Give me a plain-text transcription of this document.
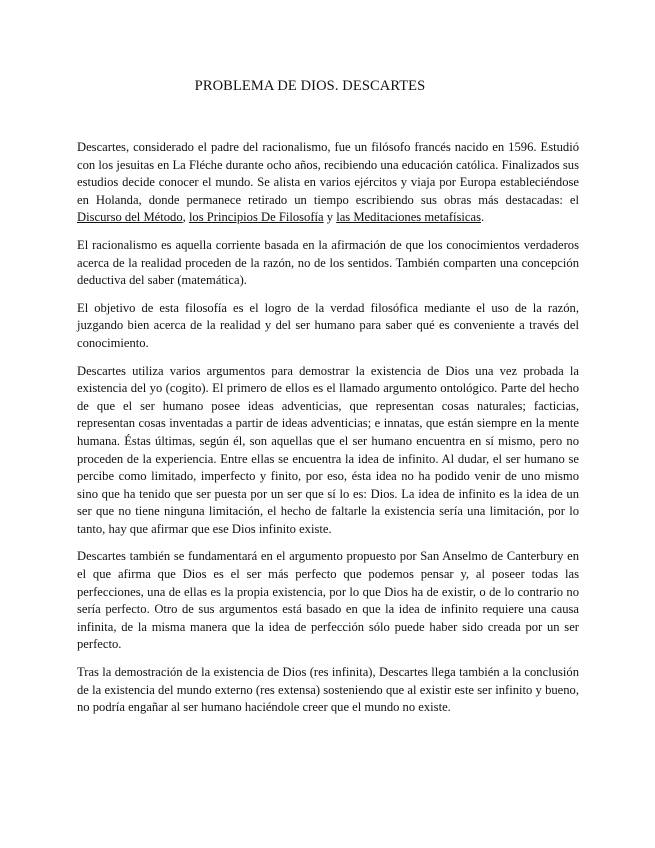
PROBLEMA DE DIOS. DESCARTES

Descartes, considerado el padre del racionalismo, fue un filósofo francés nacido en 1596. Estudió con los jesuitas en La Fléche durante ocho años, recibiendo una educación católica. Finalizados sus estudios decide conocer el mundo. Se alista en varios ejércitos y viaja por Europa estableciéndose en Holanda, donde permanece retirado un tiempo escribiendo sus obras más destacadas: el Discurso del Método, los Principios De Filosofía y las Meditaciones metafísicas.

El racionalismo es aquella corriente basada en la afirmación de que los conocimientos verdaderos acerca de la realidad proceden de la razón, no de los sentidos. También comparten una concepción deductiva del saber (matemática).

El objetivo de esta filosofía es el logro de la verdad filosófica mediante el uso de la razón, juzgando bien acerca de la realidad y del ser humano para saber qué es conveniente a través del conocimiento.

Descartes utiliza varios argumentos para demostrar la existencia de Dios una vez probada la existencia del yo (cogito). El primero de ellos es el llamado argumento ontológico. Parte del hecho de que el ser humano posee ideas adventicias, que representan cosas naturales; facticias, representan cosas inventadas a partir de ideas adventicias; e innatas, que están siempre en la mente humana. Éstas últimas, según él, son aquellas que el ser humano encuentra en sí mismo, pero no proceden de la experiencia. Entre ellas se encuentra la idea de infinito. Al dudar, el ser humano se percibe como limitado, imperfecto y finito, por eso, ésta idea no ha podido venir de uno mismo sino que ha tenido que ser puesta por un ser que sí lo es: Dios. La idea de infinito es la idea de un ser que no tiene ninguna limitación, el hecho de faltarle la existencia sería una limitación, por lo tanto, hay que afirmar que ese Dios infinito existe.

Descartes también se fundamentará en el argumento propuesto por San Anselmo de Canterbury en el que afirma que Dios es el ser más perfecto que podemos pensar y, al poseer todas las perfecciones, una de ellas es la propia existencia, por lo que Dios ha de existir, o de lo contrario no sería perfecto. Otro de sus argumentos está basado en que la idea de infinito requiere una causa infinita, de la misma manera que la idea de perfección sólo puede haber sido creada por un ser perfecto.

Tras la demostración de la existencia de Dios (res infinita), Descartes llega también a la conclusión de la existencia del mundo externo (res extensa) sosteniendo que al existir este ser infinito y bueno, no podría engañar al ser humano haciéndole creer que el mundo no existe.
